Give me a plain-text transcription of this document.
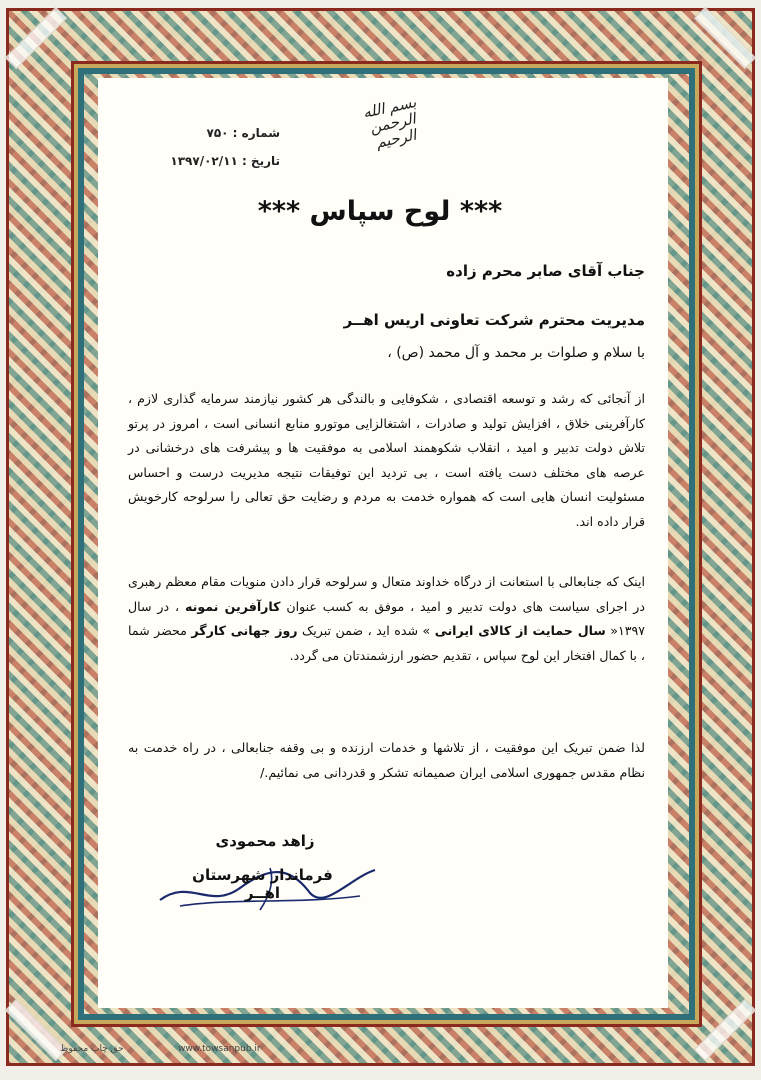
بسم الله الرحمن الرحیم
شماره : ۷۵۰
تاریخ : ۱۳۹۷/۰۲/۱۱
*** لوح سپاس ***
جناب آقای صابر محرم زاده
مدیریت محترم شرکت تعاونی اریس اهــر
با سلام و صلوات بر محمد و آل محمد (ص) ،
از آنجائی که رشد و توسعه اقتصادی ، شکوفایی و بالندگی هر کشور نیازمند سرمایه گذاری لازم ، کارآفرینی خلاق ، افزایش تولید و صادرات ، اشتغالزایی موتورو منابع انسانی است ، امروز در پرتو تلاش دولت تدبیر و امید ، انقلاب شکوهمند اسلامی به موفقیت ها و پیشرفت های درخشانی در عرصه های مختلف دست یافته است ، بی تردید این توفیقات نتیجه مدیریت درست و احساس مسئولیت انسان هایی است که همواره خدمت به مردم و رضایت حق تعالی را سرلوحه کارخویش قرار داده اند.
اینک که جنابعالی با استعانت از درگاه خداوند متعال و سرلوحه قرار دادن منویات مقام معظم رهبری در اجرای سیاست های دولت تدبیر و امید ، موفق به کسب عنوان کارآفرین نمونه ، در سال ۱۳۹۷« سال حمایت از کالای ایرانی » شده اید ، ضمن تبریک روز جهانی کارگر محضر شما ، با کمال افتخار این لوح سپاس ، تقدیم حضور ارزشمندتان می گردد.
لذا ضمن تبریک این موفقیت ، از تلاشها و خدمات ارزنده و بی وقفه جنابعالی ، در راه خدمت به نظام مقدس جمهوری اسلامی ایران صمیمانه تشکر و قدردانی می نمائیم./
زاهد محمودی
فرماندار شهرستان اهــر
www.towsanpub.ir
حق چاپ محفوظ
